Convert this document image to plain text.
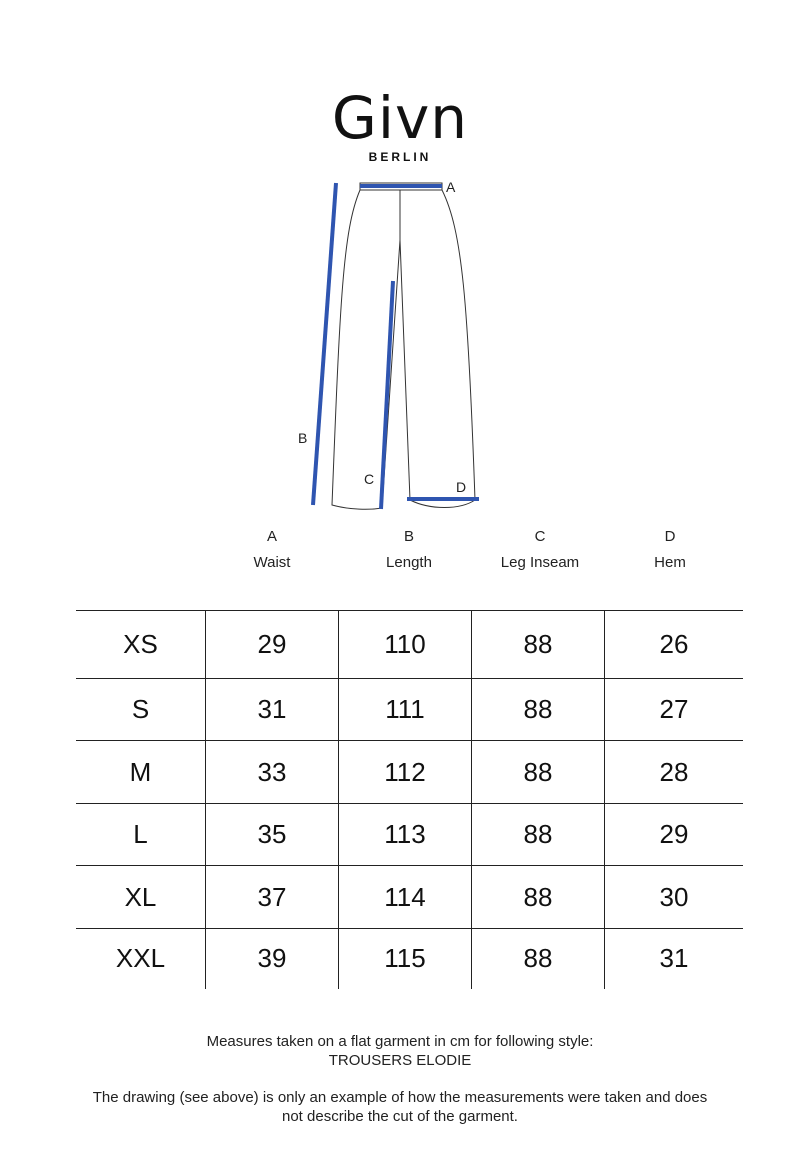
Givn
BERLIN
A
B
C	D
A
Waist
B
Length
C
Leg Inseam
D
Hem
XS	29	110	88	26
S	31	111	88	27
M	33	112	88	28
L	35	113	88	29
XL	37	114	88	30
XXL	39	115	88	31

Measures taken on a flat garment in cm for following style:

TROUSERS ELODIE

The drawing (see above) is only an example of how the measurements were taken and does

not describe the cut of the garment.
